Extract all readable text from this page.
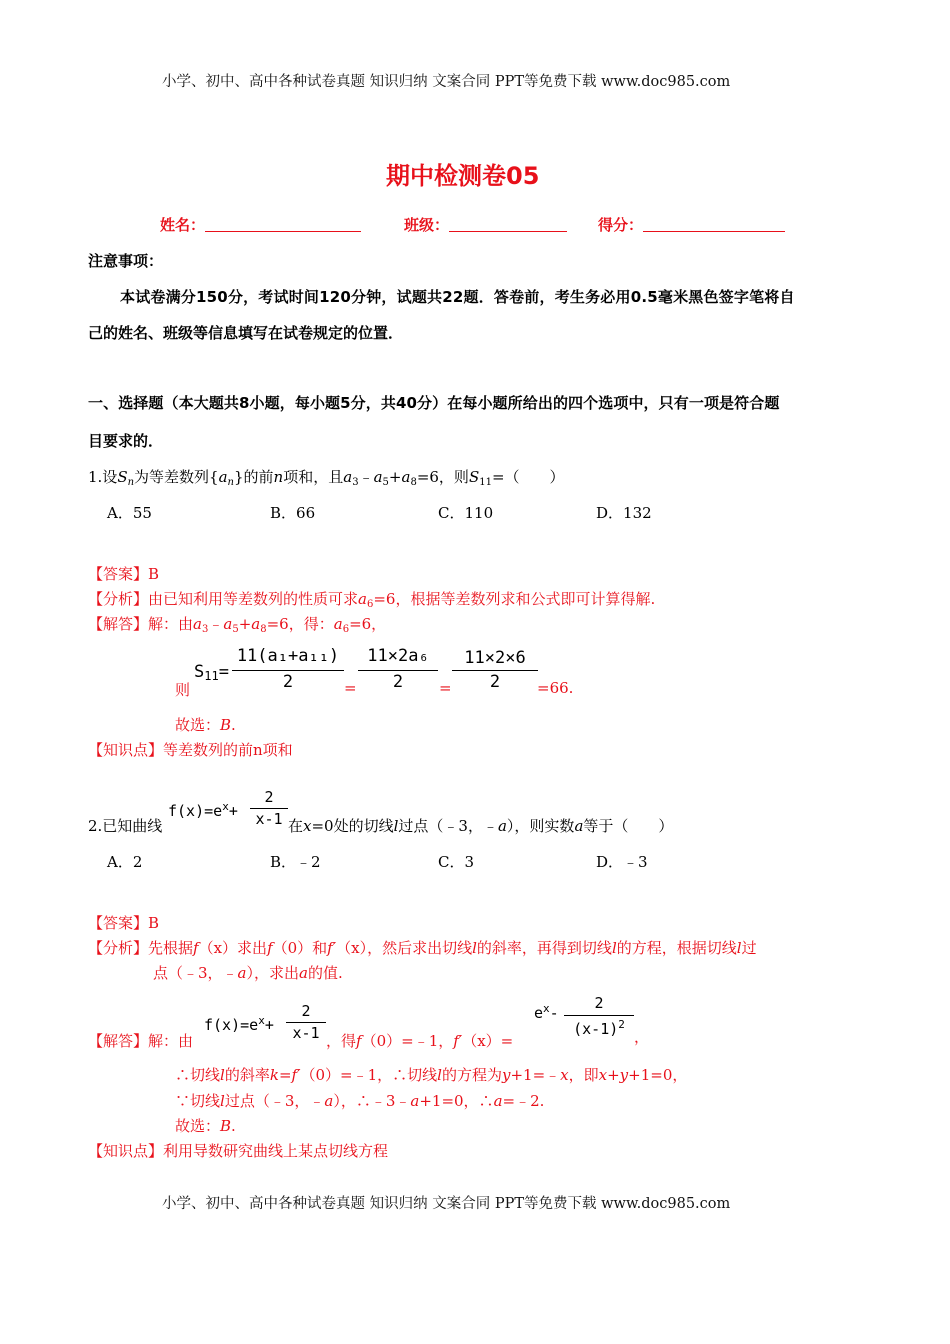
小学、初中、高中各种试卷真题 知识归纳 文案合同 PPT等免费下载 www.doc985.com
期中检测卷05
姓名：	班级：	得分：
注意事项：
本试卷满分150分，考试时间120分钟，试题共22题．答卷前，考生务必用0.5毫米黑色签字笔将自
己的姓名、班级等信息填写在试卷规定的位置．
一、选择题（本大题共8小题，每小题5分，共40分）在每小题所给出的四个选项中，只有一项是符合题
目要求的．
1.设$S_n$为等差数列$\{a_n\}$的前n项和，且$a_3﹣a_5+a_8=6$，则$S_{11}=$（　　）
A．55	B．66	C．110	D．132
【答案】B
【分析】由已知利用等差数列的性质可求$a_6=6$，根据等差数列求和公式即可计算得解.
【解答】解：由$a_3﹣a_5+a_8=6$，得：$a_6=6$，
则
$S_{11}=$
11(a₁+a₁₁)
2	=
11×2a₆
2	=
11×2×6
2	=66.
故选：B.
【知识点】等差数列的前n项和
2.已知曲线
$f(x)=e^x+$
2
x-1 在x=0处的切线l过点（﹣3，﹣a），则实数a等于（　　）
A．2	B．﹣2	C．3	D．﹣3
【答案】B
【分析】先根据f（x）求出f（0）和f′（x），然后求出切线l的斜率，再得到切线l的方程，根据切线l过
点（﹣3，﹣a），求出a的值.
【解答】解：由
$f(x)=e^x+$
2
x-1 ，得f（0）=﹣1，f′（x）=
$e^x-$
2
$(x-1)^2$
，
∴切线l的斜率k=f′（0）=﹣1，∴切线l的方程为y+1=﹣x，即x+y+1=0，
∵切线l过点（﹣3，﹣a），∴﹣3﹣a+1=0，∴a=﹣2.
故选：B.
【知识点】利用导数研究曲线上某点切线方程
小学、初中、高中各种试卷真题 知识归纳 文案合同 PPT等免费下载 www.doc985.com
